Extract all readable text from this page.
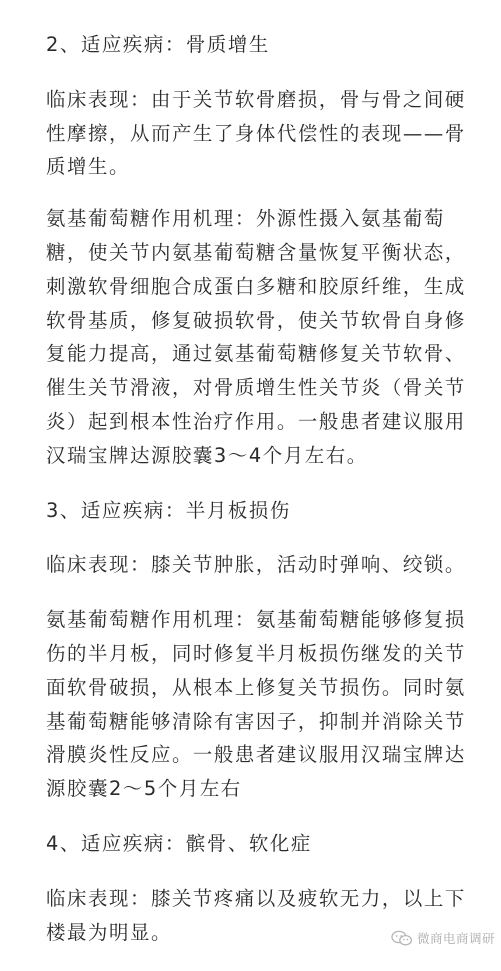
2、适应疾病：骨质增生

临床表现：由于关节软骨磨损，骨与骨之间硬性摩擦，从而产生了身体代偿性的表现——骨质增生。

氨基葡萄糖作用机理：外源性摄入氨基葡萄糖，使关节内氨基葡萄糖含量恢复平衡状态，刺激软骨细胞合成蛋白多糖和胶原纤维，生成软骨基质，修复破损软骨，使关节软骨自身修复能力提高，通过氨基葡萄糖修复关节软骨、催生关节滑液，对骨质增生性关节炎（骨关节炎）起到根本性治疗作用。一般患者建议服用汉瑞宝牌达源胶囊3～4个月左右。

3、适应疾病：半月板损伤

临床表现：膝关节肿胀，活动时弹响、绞锁。

氨基葡萄糖作用机理：氨基葡萄糖能够修复损伤的半月板，同时修复半月板损伤继发的关节面软骨破损，从根本上修复关节损伤。同时氨基葡萄糖能够清除有害因子，抑制并消除关节滑膜炎性反应。一般患者建议服用汉瑞宝牌达源胶囊2～5个月左右

4、适应疾病：髌骨、软化症

临床表现：膝关节疼痛以及疲软无力，以上下楼最为明显。	微商电商调研
